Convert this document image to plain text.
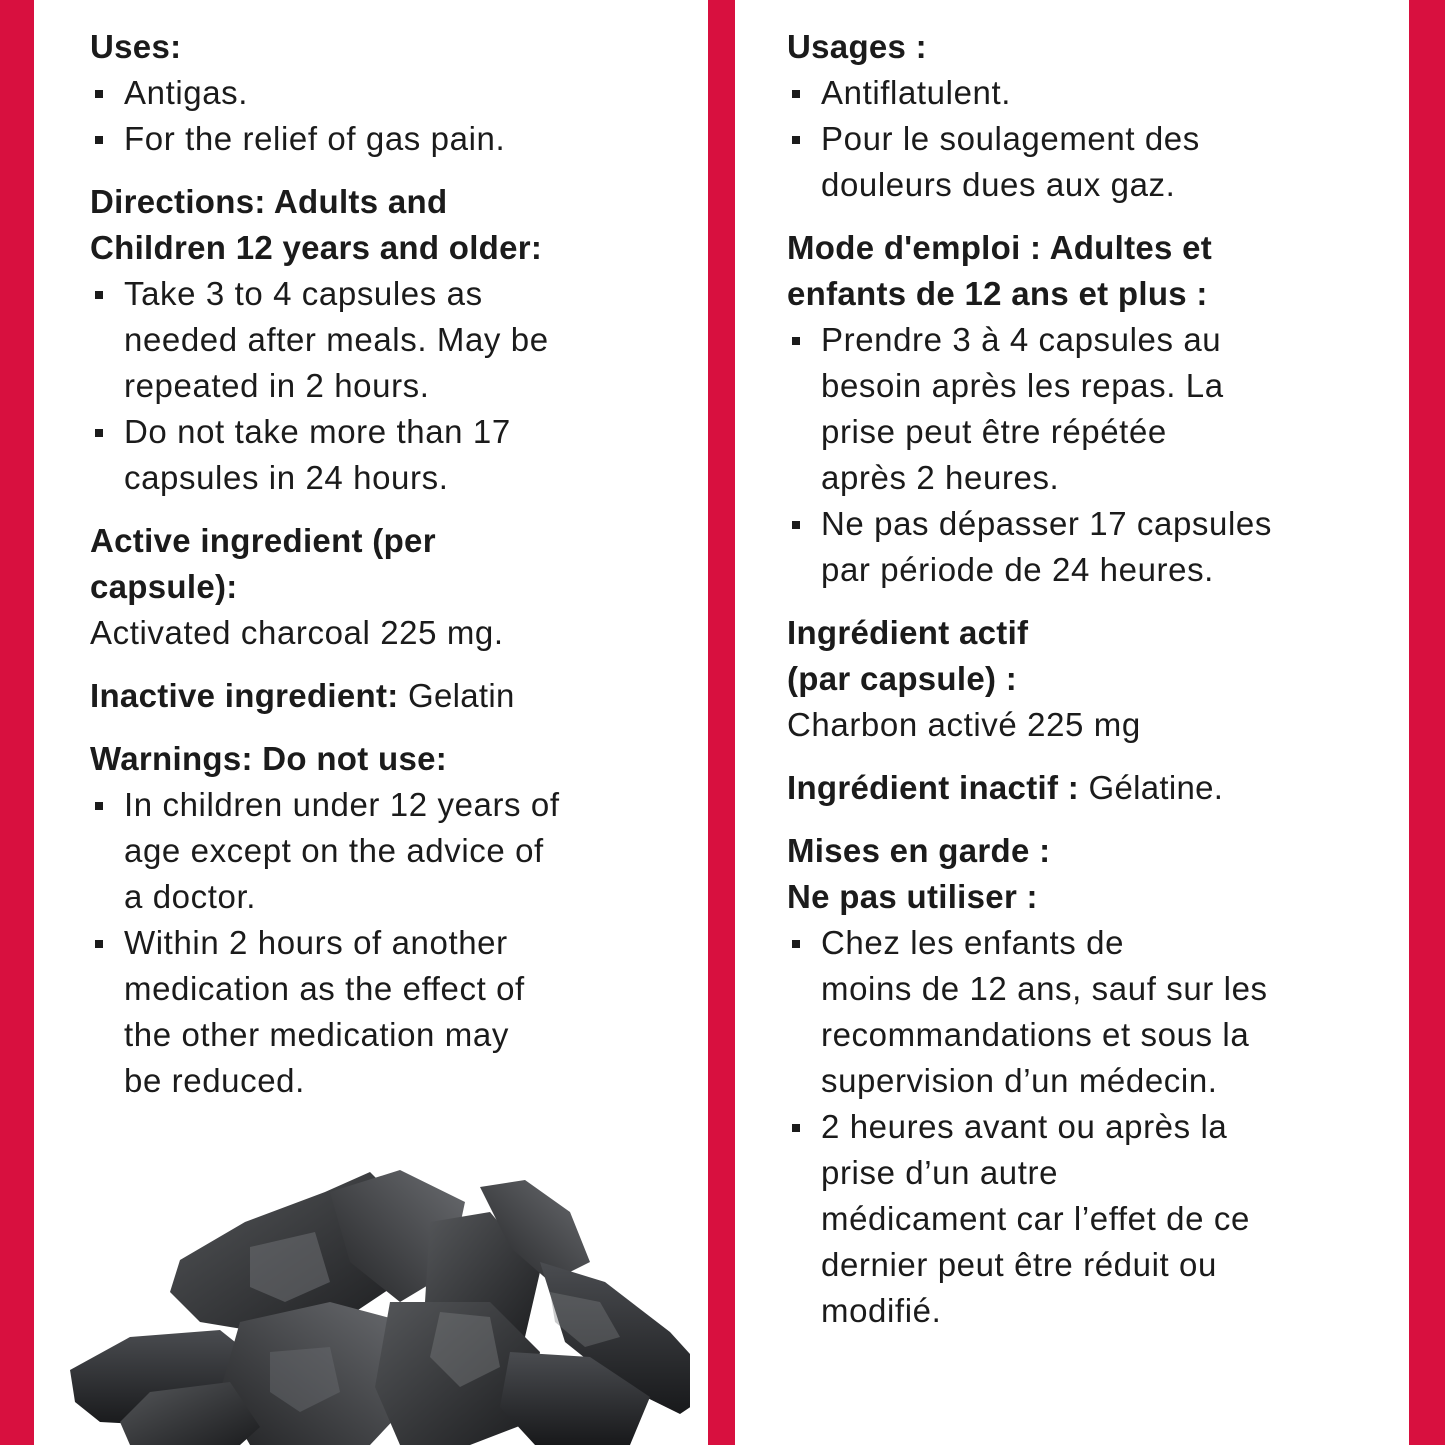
Uses:
Antigas.
For the relief of gas pain.
Directions: Adults and
Children 12 years and older:
Take 3 to 4 capsules as
needed after meals. May be
repeated in 2 hours.
Do not take more than 17
capsules in 24 hours.
Active ingredient (per
capsule):
Activated charcoal 225 mg.
Inactive ingredient: Gelatin
Warnings: Do not use:
In children under 12 years of
age except on the advice of
a doctor.
Within 2 hours of another
medication as the effect of
the other medication may
be reduced.
Usages :
Antiflatulent.
Pour le soulagement des
douleurs dues aux gaz.
Mode d'emploi : Adultes et
enfants de 12 ans et plus :
Prendre 3 à 4 capsules au
besoin après les repas. La
prise peut être répétée
après 2 heures.
Ne pas dépasser 17 capsules
par période de 24 heures.
Ingrédient actif
(par capsule) :
Charbon activé 225 mg
Ingrédient inactif : Gélatine.
Mises en garde :
Ne pas utiliser :
Chez les enfants de
moins de 12 ans, sauf sur les
recommandations et sous la
supervision d’un médecin.
2 heures avant ou après la
prise d’un autre
médicament car l’effet de ce
dernier peut être réduit ou
modifié.
